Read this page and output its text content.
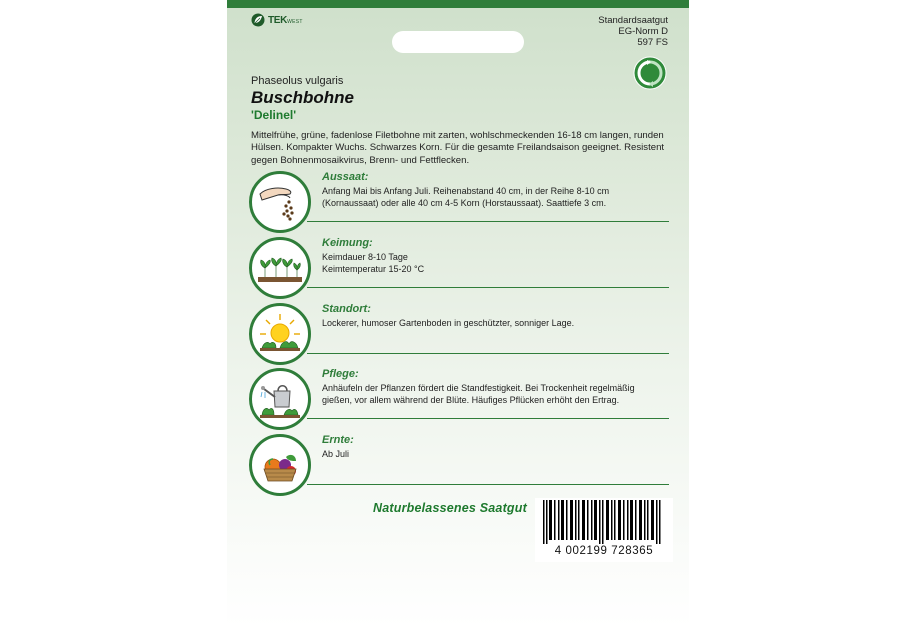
TEKWEST	Standardsaatgut
EG-Norm D
597 FS
Phaseolus vulgaris
Buschbohne
'Delinel'
Mittelfrühe, grüne, fadenlose Filetbohne mit zarten, wohlschmeckenden 16-18 cm langen, runden Hülsen. Kompakter Wuchs. Schwarzes Korn. Für die gesamte Freilandsaison geeignet. Resistent gegen Bohnenmosaikvirus, Brenn- und Fettflecken.
Aussaat:
Anfang Mai bis Anfang Juli. Reihenabstand 40 cm, in der Reihe 8-10 cm (Kornaussaat) oder alle 40 cm 4-5 Korn (Horstaussaat). Saattiefe 3 cm.
Keimung:
Keimdauer 8-10 Tage
Keimtemperatur 15-20 °C
Standort:
Lockerer, humoser Gartenboden in geschützter, sonniger Lage.
Pflege:
Anhäufeln der Pflanzen fördert die Standfestigkeit. Bei Trockenheit regelmäßig gießen, vor allem während der Blüte. Häufiges Pflücken erhöht den Ertrag.
Ernte:
Ab Juli
Naturbelassenes Saatgut
4 002199 728365
